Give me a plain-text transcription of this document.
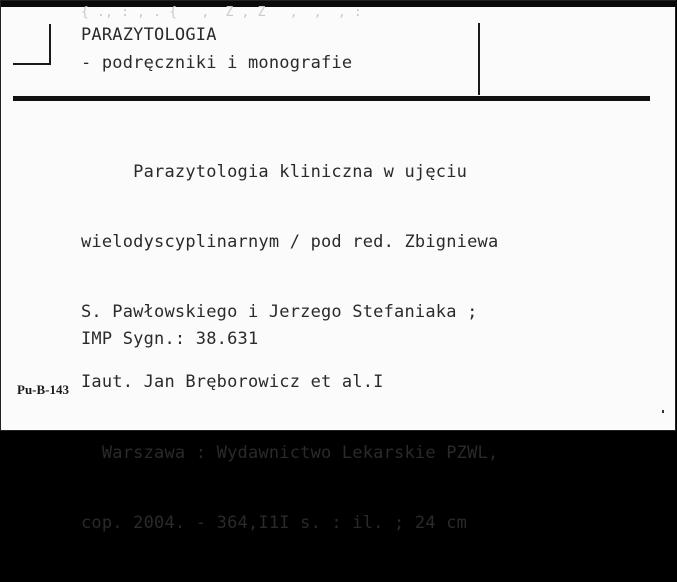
{ ., : , . {   ,  Z , Z   ,  ,  , :
PARAZYTOLOGIA
- podręczniki i monografie

Parazytologia kliniczna w ujęciu

wielodyscyplinarnym / pod red. Zbigniewa

S. Pawłowskiego i Jerzego Stefaniaka ;

Iaut. Jan Bręborowicz et al.I

Warszawa : Wydawnictwo Lekarskie PZWL,

cop. 2004. - 364,I1I s. : il. ; 24 cm

IMP Sygn.: 38.631
Pu-B-143
